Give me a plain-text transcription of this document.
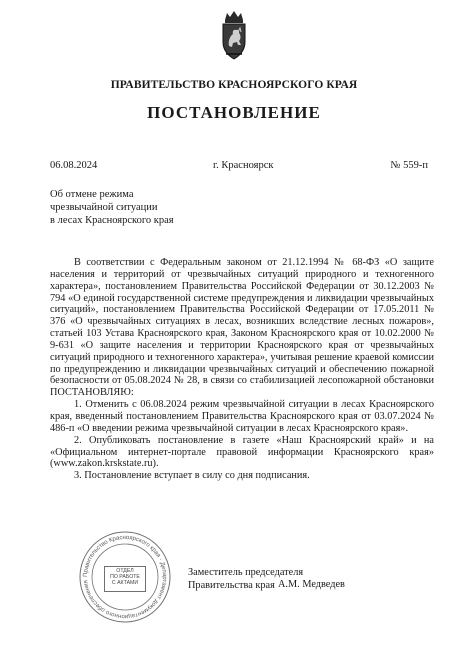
ПРАВИТЕЛЬСТВО КРАСНОЯРСКОГО КРАЯ
ПОСТАНОВЛЕНИЕ
06.08.2024	г. Красноярск	№ 559-п
Об отмене режима
чрезвычайной ситуации
в лесах Красноярского края

В соответствии с Федеральным законом от 21.12.1994 № 68-ФЗ «О защите населения и территорий от чрезвычайных ситуаций природного и техногенного характера», постановлением Правительства Российской Федерации от 30.12.2003 № 794 «О единой государственной системе предупреждения и ликвидации чрезвычайных ситуаций», постановлением Правительства Российской Федерации от 17.05.2011 № 376 «О чрезвычайных ситуациях в лесах, возникших вследствие лесных пожаров», статьей 103 Устава Красноярского края, Законом Красноярского края от 10.02.2000 № 9-631 «О защите населения и территории Красноярского края от чрезвычайных ситуаций природного и техногенного характера», учитывая решение краевой комиссии по предупреждению и ликвидации чрезвычайных ситуаций и обеспечению пожарной безопасности от 05.08.2024 № 28, в связи со стабилизацией лесопожарной обстановки ПОСТАНОВЛЯЮ:

1. Отменить с 06.08.2024 режим чрезвычайной ситуации в лесах Красноярского края, введенный постановлением Правительства Красноярского края от 03.07.2024 № 486-п «О введении режима чрезвычайной ситуации в лесах Красноярского края».

2. Опубликовать постановление в газете «Наш Красноярский край» и на «Официальном интернет-портале правовой информации Красноярского края» (www.zakon.krskstate.ru).

3. Постановление вступает в силу со дня подписания.

Правительство Красноярского края · Департамент документационного обеспечения
ОТДЕЛ
ПО РАБОТЕ
С АКТАМИ
Заместитель председателя
Правительства края А.М. Медведев
